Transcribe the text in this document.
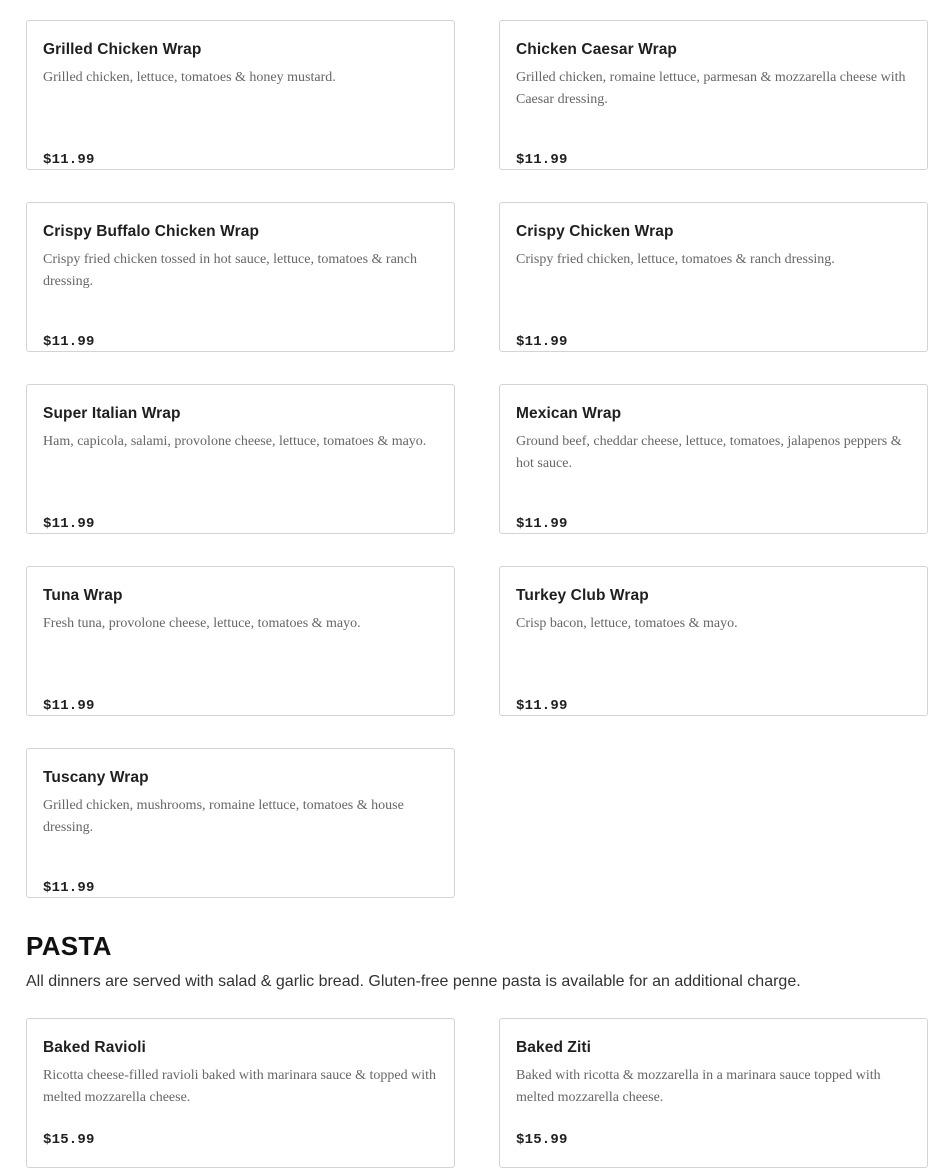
Grilled Chicken Wrap
Grilled chicken, lettuce, tomatoes & honey mustard.
$11.99
Chicken Caesar Wrap
Grilled chicken, romaine lettuce, parmesan & mozzarella cheese with Caesar dressing.
$11.99
Crispy Buffalo Chicken Wrap
Crispy fried chicken tossed in hot sauce, lettuce, tomatoes & ranch dressing.
$11.99
Crispy Chicken Wrap
Crispy fried chicken, lettuce, tomatoes & ranch dressing.
$11.99
Super Italian Wrap
Ham, capicola, salami, provolone cheese, lettuce, tomatoes & mayo.
$11.99
Mexican Wrap
Ground beef, cheddar cheese, lettuce, tomatoes, jalapenos peppers & hot sauce.
$11.99
Tuna Wrap
Fresh tuna, provolone cheese, lettuce, tomatoes & mayo.
$11.99
Turkey Club Wrap
Crisp bacon, lettuce, tomatoes & mayo.
$11.99
Tuscany Wrap
Grilled chicken, mushrooms, romaine lettuce, tomatoes & house dressing.
$11.99
PASTA
All dinners are served with salad & garlic bread. Gluten-free penne pasta is available for an additional charge.
Baked Ravioli
Ricotta cheese-filled ravioli baked with marinara sauce & topped with melted mozzarella cheese.
$15.99
Baked Ziti
Baked with ricotta & mozzarella in a marinara sauce topped with melted mozzarella cheese.
$15.99
